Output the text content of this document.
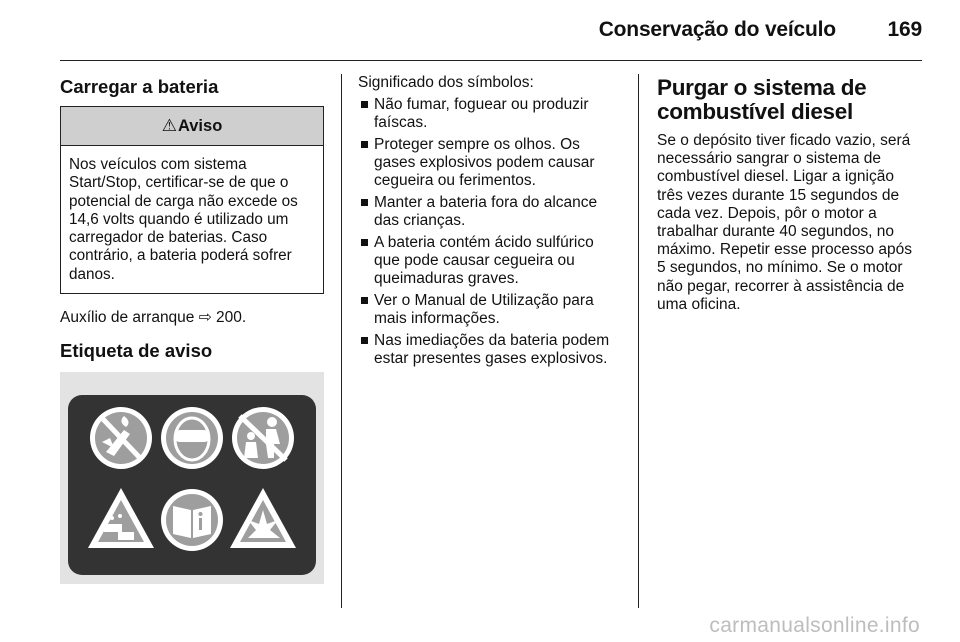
Conservação do veículo 169
Carregar a bateria
⚠Aviso
Nos veículos com sistema Start/Stop, certificar-se de que o potencial de carga não excede os 14,6 volts quando é utilizado um carregador de baterias. Caso contrário, a bateria poderá sofrer danos.
Auxílio de arranque ⇨ 200.
Etiqueta de aviso

Significado dos símbolos:

Não fumar, foguear ou produzir faíscas.
Proteger sempre os olhos. Os gases explosivos podem causar cegueira ou ferimentos.
Manter a bateria fora do alcance das crianças.
A bateria contém ácido sulfúrico que pode causar cegueira ou queimaduras graves.
Ver o Manual de Utilização para mais informações.
Nas imediações da bateria podem estar presentes gases explosivos.
Purgar o sistema de combustível diesel

Se o depósito tiver ficado vazio, será necessário sangrar o sistema de combustível diesel. Ligar a ignição três vezes durante 15 segundos de cada vez. Depois, pôr o motor a trabalhar durante 40 segundos, no máximo. Repetir esse processo após 5 segundos, no mínimo. Se o motor não pegar, recorrer à assistência de uma oficina.

carmanualsonline.info
